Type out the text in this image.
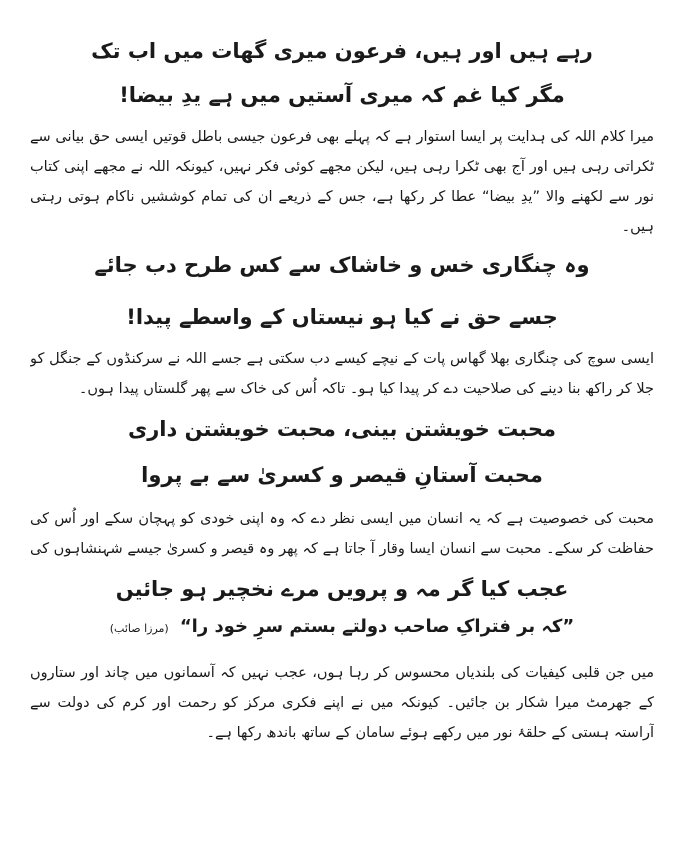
رہے ہیں اور ہیں، فرعون میری گھات میں اب تک

مگر کیا غم کہ میری آستیں میں ہے یدِ بیضا!

میرا کلام اللہ کی ہدایت پر ایسا استوار ہے کہ پہلے بھی فرعون جیسی باطل قوتیں ایسی حق بیانی سے ٹکراتی رہی ہیں اور آج بھی ٹکرا رہی ہیں، لیکن مجھے کوئی فکر نہیں، کیونکہ اللہ نے مجھے اپنی کتاب نور سے لکھنے والا ”یدِ بیضا“ عطا کر رکھا ہے، جس کے ذریعے ان کی تمام کوششیں ناکام ہوتی رہتی ہیں۔

وہ چنگاری خس و خاشاک سے کس طرح دب جائے

جسے حق نے کیا ہو نیستاں کے واسطے پیدا!

ایسی سوچ کی چنگاری بھلا گھاس پات کے نیچے کیسے دب سکتی ہے جسے اللہ نے سرکنڈوں کے جنگل کو جلا کر راکھ بنا دینے کی صلاحیت دے کر پیدا کیا ہو۔ تاکہ اُس کی خاک سے پھر گلستاں پیدا ہوں۔

محبت خویشتن بینی، محبت خویشتن داری

محبت آستانِ قیصر و کسریٰ سے بے پروا

محبت کی خصوصیت ہے کہ یہ انسان میں ایسی نظر دے کہ وہ اپنی خودی کو پہچان سکے اور اُس کی حفاظت کر سکے۔ محبت سے انسان ایسا وقار آ جاتا ہے کہ پھر وہ قیصر و کسریٰ جیسے شہنشاہوں کی

عجب کیا گر مہ و پرویں مرے نخچیر ہو جائیں

”کہ بر فتراکِ صاحب دولتے بستم سرِ خود را“ (مرزا صائب)

میں جن قلبی کیفیات کی بلندیاں محسوس کر رہا ہوں، عجب نہیں کہ آسمانوں میں چاند اور ستاروں کے جھرمٹ میرا شکار بن جائیں۔ کیونکہ میں نے اپنے فکری مرکز کو رحمت اور کرم کی دولت سے آراستہ ہستی کے حلقۂ نور میں رکھے ہوئے سامان کے ساتھ باندھ رکھا ہے۔
